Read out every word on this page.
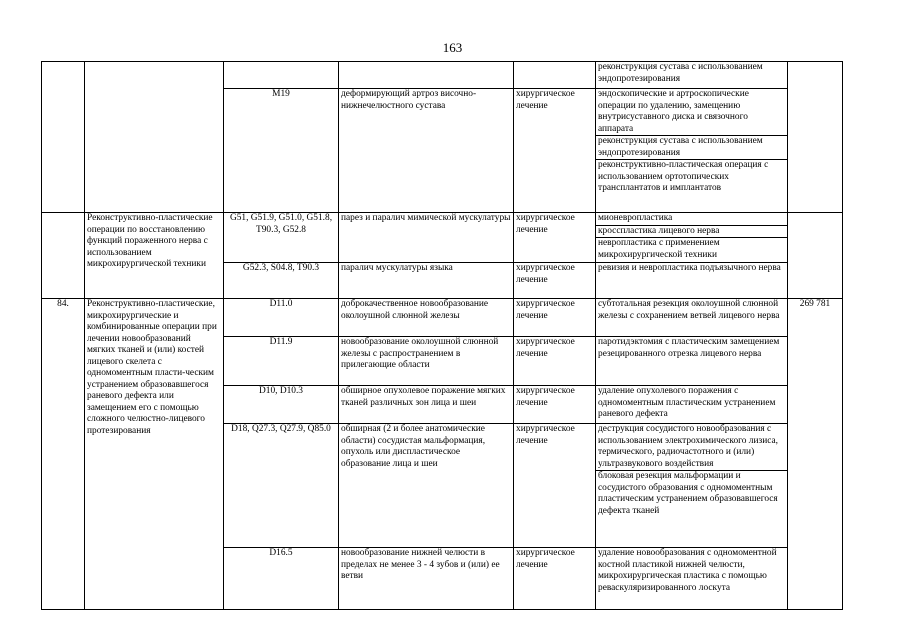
163

					реконструкция сустава с использованием эндопротезирования	

		M19	деформирующий артроз височно-нижнечелюстного сустава	хирургическое лечение	эндоскопические и артроскопические операции по удалению, замещению внутрисуставного диска и связочного аппарата
реконструкция сустава с использованием эндопротезирования
реконструктивно-пластическая операция с использованием ортотопических трансплантатов и имплантатов	

	Реконструктивно-пластические операции по восстановлению функций пораженного нерва с использованием микрохирургической техники	G51, G51.9, G51.0, G51.8, T90.3, G52.8	парез и паралич мимической мускулатуры	хирургическое лечение	мионевропластика
кросспластика лицевого нерва
невропластика с применением микрохирургической техники	

		G52.3, S04.8, T90.3	паралич мускулатуры языка	хирургическое лечение	ревизия и невропластика подъязычного нерва	

84.	Реконструктивно-пластические, микрохирургические и комбинированные операции при лечении новообразований мягких тканей и (или) костей лицевого скелета с одномоментным пласти-ческим устранением образовавшегося раневого дефекта или замещением его с помощью сложного челюстно-лицевого протезирования	D11.0	доброкачественное новообразование околоушной слюнной железы	хирургическое лечение	субтотальная резекция околоушной слюнной железы с сохранением ветвей лицевого нерва	269 781
		D11.9	новообразование околоушной слюнной железы с распространением в прилегающие области	хирургическое лечение	паротидэктомия с пластическим замещением резецированного отрезка лицевого нерва	

		D10, D10.3	обширное опухолевое поражение мягких тканей различных зон лица и шеи	хирургическое лечение	удаление опухолевого поражения с одномоментным пластическим устранением раневого дефекта	

		D18, Q27.3, Q27.9, Q85.0	обширная (2 и более анатомические области) сосудистая мальформация, опухоль или диспластическое образование лица и шеи	хирургическое лечение	деструкция сосудистого новообразования с использованием электрохимического лизиса, термического, радиочастотного и (или) ультразвукового воздействия
блоковая резекция мальформации и сосудистого образования с одномоментным пластическим устранением образовавшегося дефекта тканей	

		D16.5	новообразование нижней челюсти в пределах не менее 3 - 4 зубов и (или) ее ветви	хирургическое лечение	удаление новообразования с одномоментной костной пластикой нижней челюсти, микрохирургическая пластика с помощью реваскуляризированного лоскута	
